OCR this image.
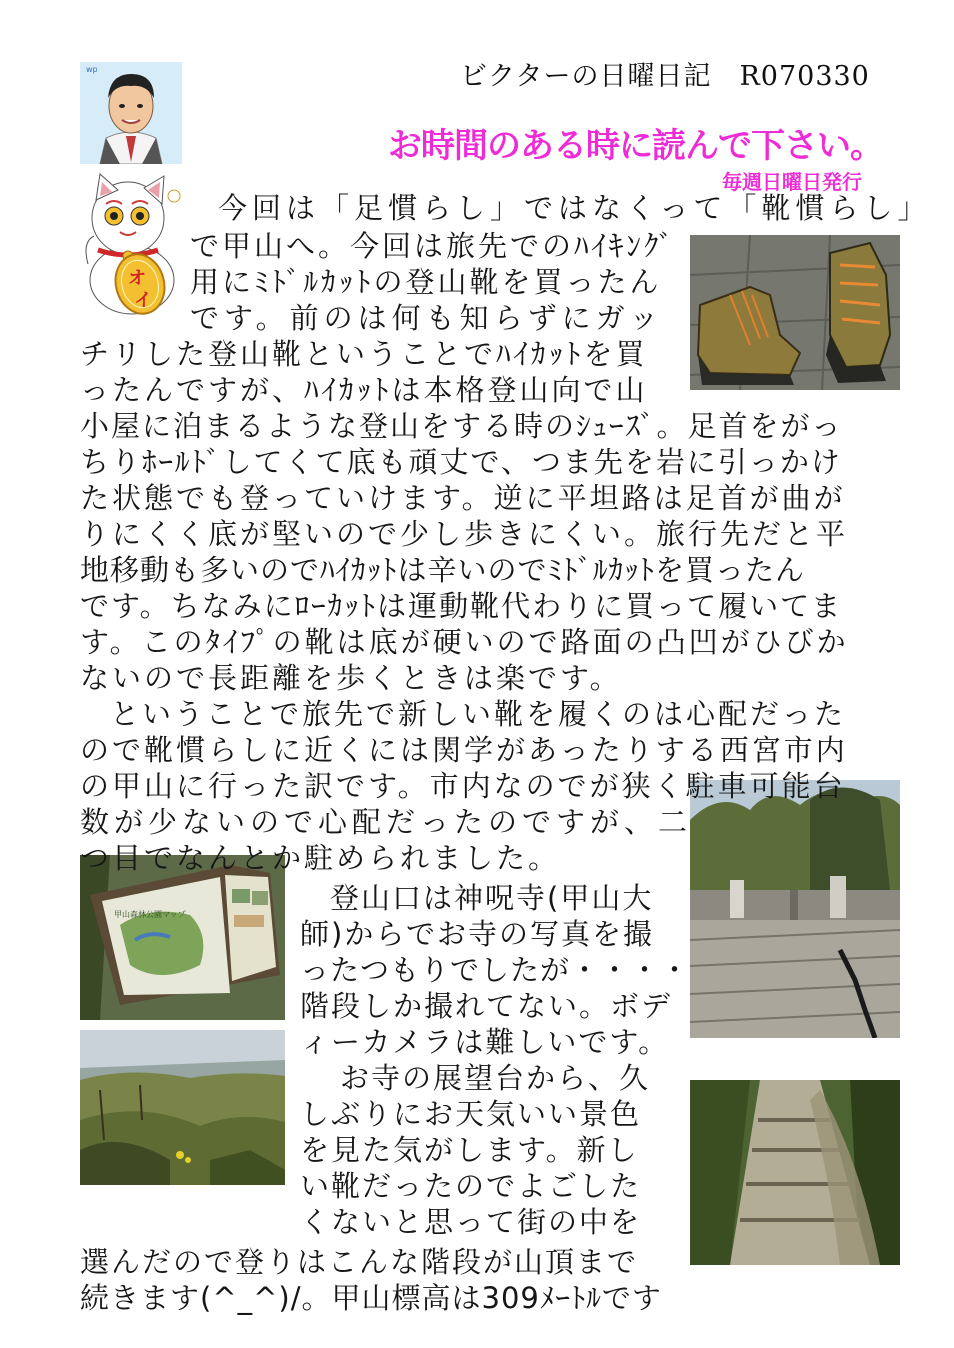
ビクターの日曜日記　R070330
お時間のある時に読んで下さい。
毎週日曜日発行
wp
オ
イ
甲山森林公園マップ
今回は「足慣らし」ではなくって「靴慣らし」
で甲山へ。今回は旅先でのﾊｲｷﾝｸﾞ
用にﾐﾄﾞﾙｶｯﾄの登山靴を買ったん
です。前のは何も知らずにガッ
チリした登山靴ということでﾊｲｶｯﾄを買
ったんですが、ﾊｲｶｯﾄは本格登山向で山
小屋に泊まるような登山をする時のｼｭｰｽﾞ。足首をがっ
ちりﾎｰﾙﾄﾞしてくて底も頑丈で、つま先を岩に引っかけ
た状態でも登っていけます。逆に平坦路は足首が曲が
りにくく底が堅いので少し歩きにくい。旅行先だと平
地移動も多いのでﾊｲｶｯﾄは辛いのでﾐﾄﾞﾙｶｯﾄを買ったん
です。ちなみにﾛｰｶｯﾄは運動靴代わりに買って履いてま
す。このﾀｲﾌﾟの靴は底が硬いので路面の凸凹がひびか
ないので長距離を歩くときは楽です。
ということで旅先で新しい靴を履くのは心配だった
ので靴慣らしに近くには関学があったりする西宮市内
の甲山に行った訳です。市内なのでが狭く駐車可能台
数が少ないので心配だったのですが、二
つ目でなんとか駐められました。
登山口は神呪寺(甲山大
師)からでお寺の写真を撮
ったつもりでしたが・・・・
階段しか撮れてない。ボデ
ィーカメラは難しいです。
お寺の展望台から、久
しぶりにお天気いい景色
を見た気がします。新し
い靴だったのでよごした
くないと思って街の中を
選んだので登りはこんな階段が山頂まで
続きます(^_^)/。甲山標高は309ﾒｰﾄﾙです
